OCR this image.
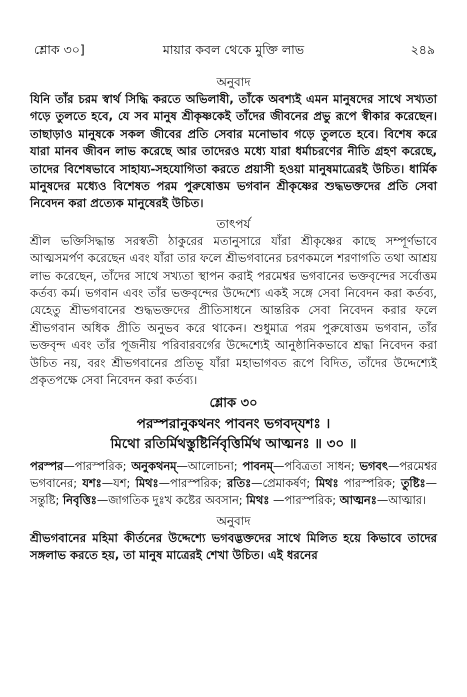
শ্লোক ৩০]	মায়ার কবল থেকে মুক্তি লাভ	২৪৯
অনুবাদ

যিনি তাঁর চরম স্বার্থ সিদ্ধি করতে অভিলাষী, তাঁকে অবশ্যই এমন মানুষদের সাথে সখ্যতা গড়ে তুলতে হবে, যে সব মানুষ শ্রীকৃষ্ণকেই তাঁদের জীবনের প্রভু রূপে স্বীকার করেছেন। তাছাড়াও মানুষকে সকল জীবের প্রতি সেবার মনোভাব গড়ে তুলতে হবে। বিশেষ করে যারা মানব জীবন লাভ করেছে আর তাদেরও মধ্যে যারা ধর্মাচরণের নীতি গ্রহণ করেছে, তাদের বিশেষভাবে সাহায্য-সহযোগিতা করতে প্রয়াসী হওয়া মানুষমাত্রেরই উচিত। ধার্মিক মানুষদের মধ্যেও বিশেষত পরম পুরুষোত্তম ভগবান শ্রীকৃষ্ণের শুদ্ধভক্তদের প্রতি সেবা নিবেদন করা প্রত্যেক মানুষেরই উচিত।

তাৎপর্য

শ্রীল ভক্তিসিদ্ধান্ত সরস্বতী ঠাকুরের মতানুসারে যাঁরা শ্রীকৃষ্ণের কাছে সম্পূর্ণভাবে আত্মসমর্পণ করেছেন এবং যাঁরা তার ফলে শ্রীভগবানের চরণকমলে শরণাগতি তথা আশ্রয় লাভ করেছেন, তাঁদের সাথে সখ্যতা স্থাপন করাই পরমেশ্বর ভগবানের ভক্তবৃন্দের সর্বোত্তম কর্তব্য কর্ম। ভগবান এবং তাঁর ভক্তবৃন্দের উদ্দেশ্যে একই সঙ্গে সেবা নিবেদন করা কর্তব্য, যেহেতু শ্রীভগবানের শুদ্ধভক্তদের প্রীতিসাধনে আন্তরিক সেবা নিবেদন করার ফলে শ্রীভগবান অধিক প্রীতি অনুভব করে থাকেন। শুধুমাত্র পরম পুরুষোত্তম ভগবান, তাঁর ভক্তবৃন্দ এবং তাঁর পূজনীয় পরিবারবর্গের উদ্দেশ্যেই আনুষ্ঠানিকভাবে শ্রদ্ধা নিবেদন করা উচিত নয়, বরং শ্রীভগবানের প্রতিভূ যাঁরা মহাভাগবত রূপে বিদিত, তাঁদের উদ্দেশ্যেই প্রকৃতপক্ষে সেবা নিবেদন করা কর্তব্য।

শ্লোক ৩০
পরস্পরানুকথনং পাবনং ভগবদ্‌যশঃ ।
মিথো রতির্মিথস্তুষ্টির্নিবৃত্তির্মিথ আত্মনঃ ॥ ৩০ ॥

পরস্পর—পারস্পরিক; অনুকথনম্‌—আলোচনা; পাবনম্‌—পবিত্রতা সাধন; ভগবৎ—পরমেশ্বর ভগবানের; যশঃ—যশ; মিথঃ—পারস্পরিক; রতিঃ—প্রেমাকর্ষণ; মিথঃ পারস্পরিক; তুষ্টিঃ—সন্তুষ্টি; নিবৃত্তিঃ—জাগতিক দুঃখ কষ্টের অবসান; মিথঃ —পারস্পরিক; আত্মনঃ—আত্মার।

অনুবাদ

শ্রীভগবানের মহিমা কীর্তনের উদ্দেশ্যে ভগবদ্ভক্তদের সাথে মিলিত হয়ে কিভাবে তাদের সঙ্গলাভ করতে হয়, তা মানুষ মাত্রেরই শেখা উচিত। এই ধরনের
